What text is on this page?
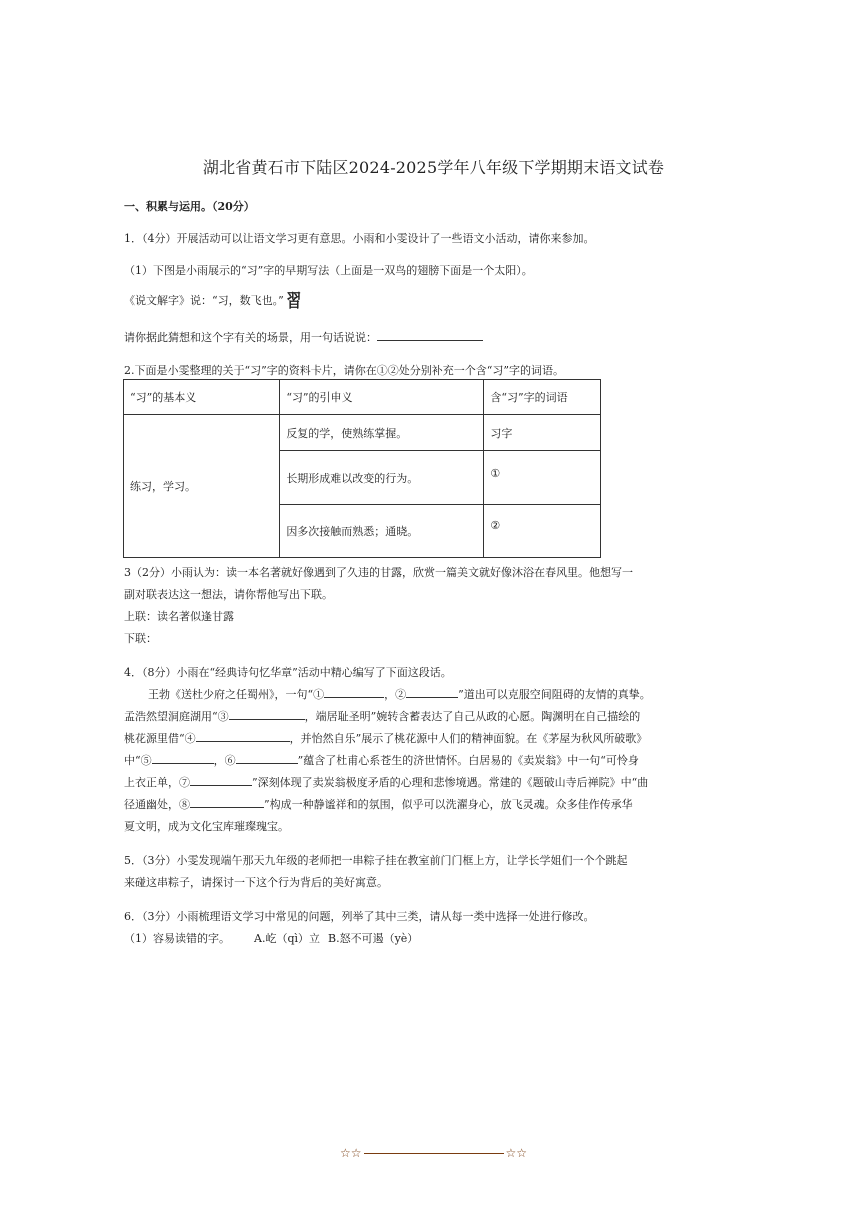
湖北省黄石市下陆区2024-2025学年八年级下学期期末语文试卷
一、积累与运用。（20分）
1．（4分）开展活动可以让语文学习更有意思。小雨和小雯设计了一些语文小活动，请你来参加。
（1）下图是小雨展示的“习”字的早期写法（上面是一双鸟的翅膀下面是一个太阳）。
《说文解字》说：“习，数飞也。” 習
请你据此猜想和这个字有关的场景，用一句话说说：
2.下面是小雯整理的关于“习”字的资料卡片，请你在①②处分别补充一个含“习”字的词语。
“习”的基本义	“习”的引申义	含“习”字的词语
练习，学习。	反复的学，使熟练掌握。	习字
	长期形成难以改变的行为。	①
	因多次接触而熟悉；通晓。	②
3（2分）小雨认为：读一本名著就好像遇到了久违的甘露，欣赏一篇美文就好像沐浴在春风里。他想写一
副对联表达这一想法，请你帮他写出下联。
上联：读名著似逢甘露
下联：
4．（8分）小雨在“经典诗句忆华章”活动中精心编写了下面这段话。
王勃《送杜少府之任蜀州》，一句“①	，②	”道出可以克服空间阻碍的友情的真挚。
孟浩然望洞庭湖用“③	，端居耻圣明”婉转含蓄表达了自己从政的心愿。陶渊明在自己描绘的
桃花源里借“④	，并怡然自乐”展示了桃花源中人们的精神面貌。在《茅屋为秋风所破歌》
中“⑤	，⑥	”蕴含了杜甫心系苍生的济世情怀。白居易的《卖炭翁》中一句“可怜身
上衣正单，⑦	”深刻体现了卖炭翁极度矛盾的心理和悲惨境遇。常建的《题破山寺后禅院》中“曲
径通幽处，⑧	”构成一种静谧祥和的氛围，似乎可以洗濯身心，放飞灵魂。众多佳作传承华
夏文明，成为文化宝库璀璨瑰宝。
5．（3分）小雯发现端午那天九年级的老师把一串粽子挂在教室前门门框上方，让学长学姐们一个个跳起
来碰这串粽子，请探讨一下这个行为背后的美好寓意。
6．（3分）小雨梳理语文学习中常见的问题，列举了其中三类，请从每一类中选择一处进行修改。
（1）容易读错的字。 A.屹（qì）立 B.怒不可遏（yè）
☆☆	☆☆
